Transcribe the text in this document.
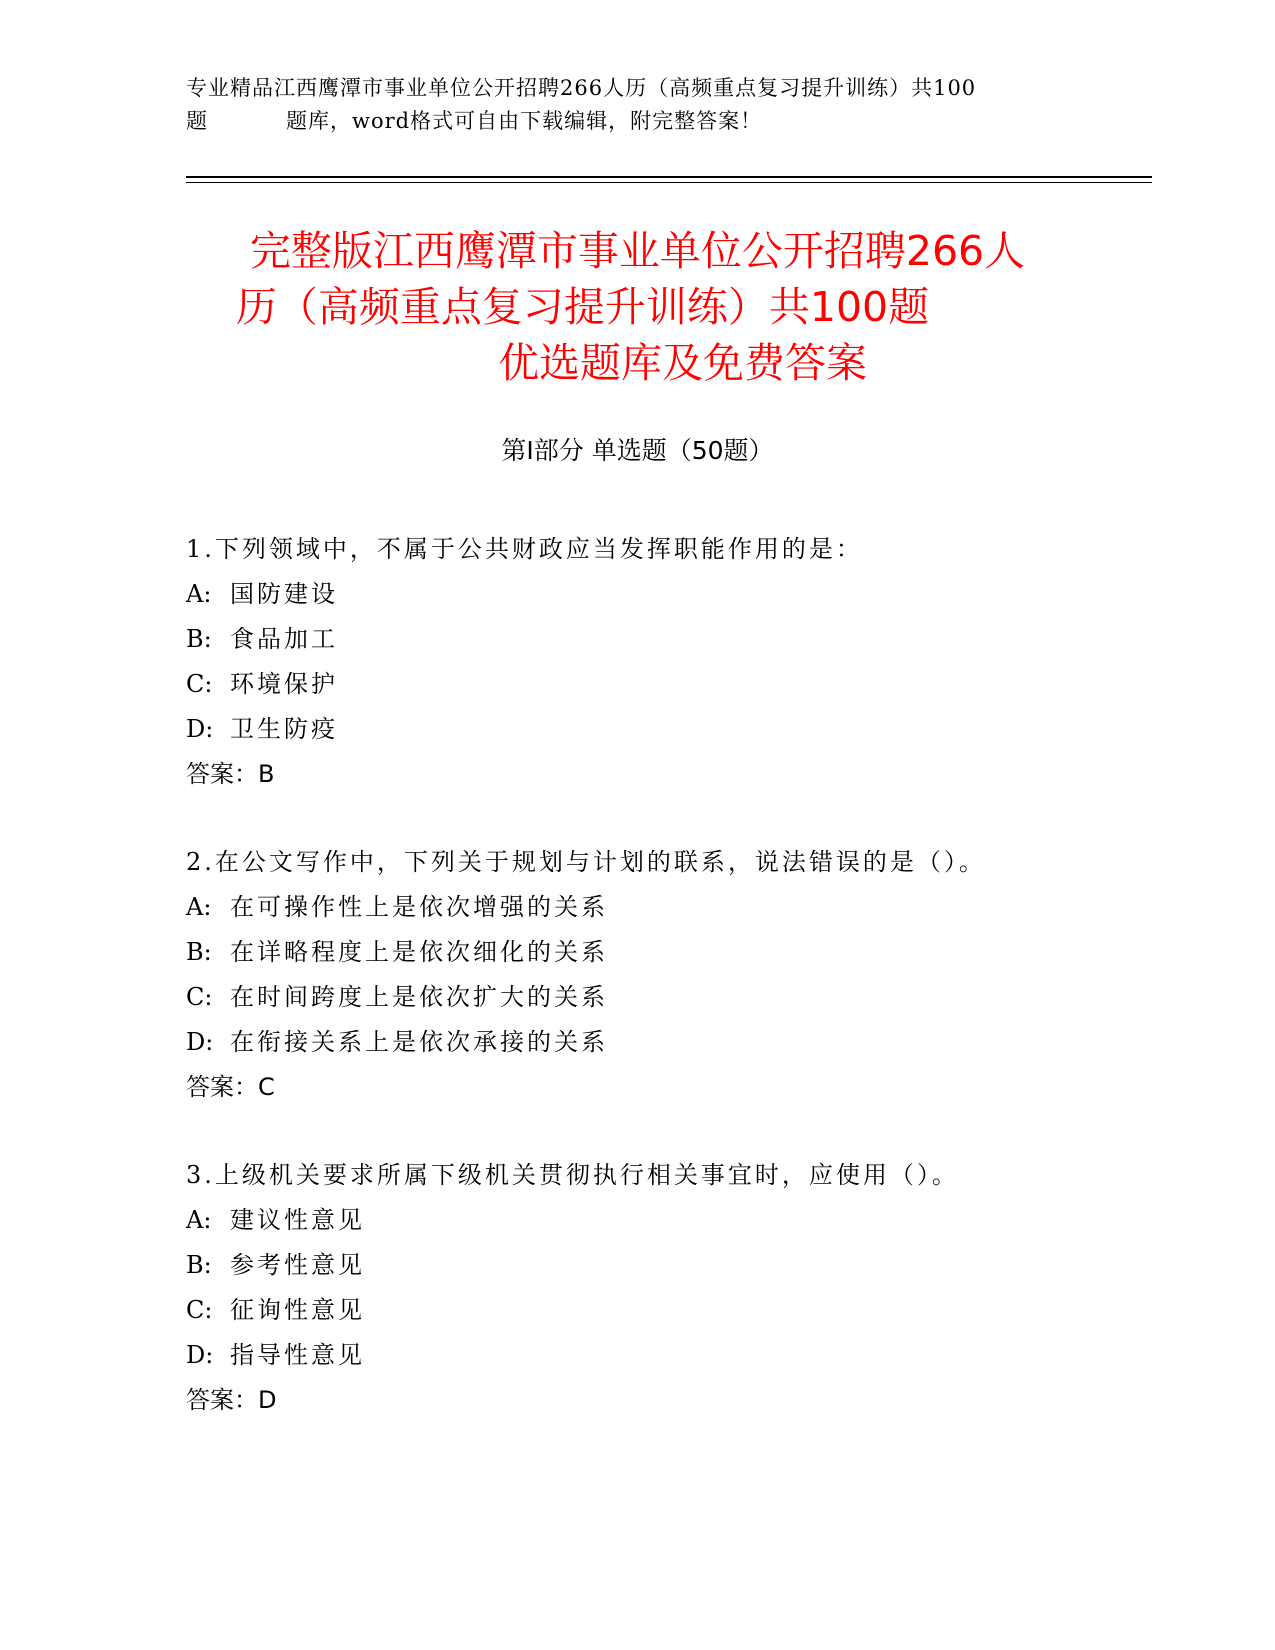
专业精品江西鹰潭市事业单位公开招聘266人历（高频重点复习提升训练）共100
题	题库，word格式可自由下载编辑，附完整答案！
完整版江西鹰潭市事业单位公开招聘266人
历（高频重点复习提升训练）共100题
优选题库及免费答案
第Ⅰ部分 单选题（50题）
1.下列领域中，不属于公共财政应当发挥职能作用的是：
A: 国防建设
B: 食品加工
C: 环境保护
D: 卫生防疫
答案：B
2.在公文写作中，下列关于规划与计划的联系，说法错误的是（）。
A: 在可操作性上是依次增强的关系
B: 在详略程度上是依次细化的关系
C: 在时间跨度上是依次扩大的关系
D: 在衔接关系上是依次承接的关系
答案：C
3.上级机关要求所属下级机关贯彻执行相关事宜时，应使用（）。
A: 建议性意见
B: 参考性意见
C: 征询性意见
D: 指导性意见
答案：D
